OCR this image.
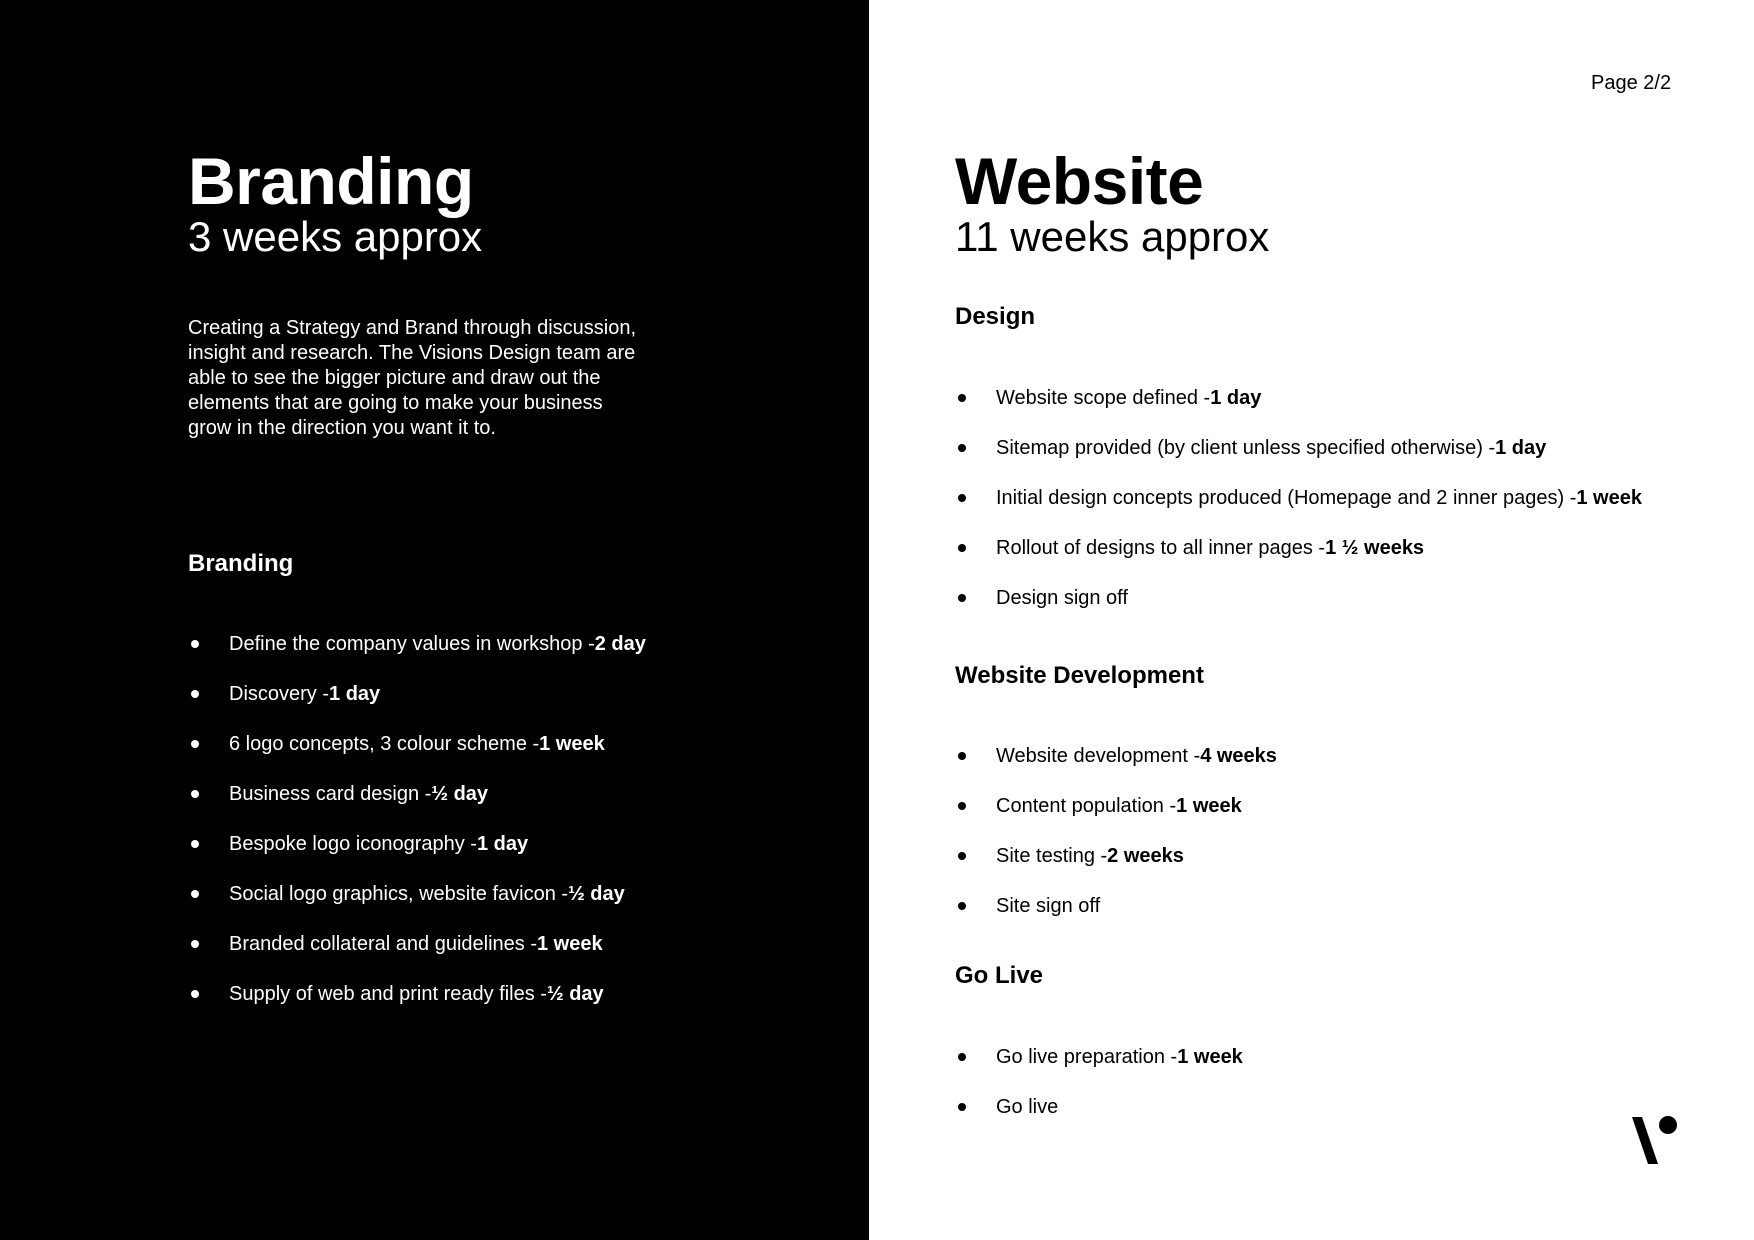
Branding
3 weeks approx

Creating a Strategy and Brand through discussion, insight and research. The Visions Design team are able to see the bigger picture and draw out the elements that are going to make your business grow in the direction you want it to.

Branding
Define the company values in workshop - 2 day
Discovery - 1 day
6 logo concepts, 3 colour scheme - 1 week
Business card design - ½ day
Bespoke logo iconography - 1 day
Social logo graphics, website favicon - ½ day
Branded collateral and guidelines - 1 week
Supply of web and print ready files - ½ day
Page 2/2
Website
11 weeks approx
Design
Website scope defined - 1 day
Sitemap provided (by client unless specified otherwise) - 1 day
Initial design concepts produced (Homepage and 2 inner pages) - 1 week
Rollout of designs to all inner pages - 1 ½ weeks
Design sign off
Website Development
Website development - 4 weeks
Content population - 1 week
Site testing - 2 weeks
Site sign off
Go Live
Go live preparation - 1 week
Go live
